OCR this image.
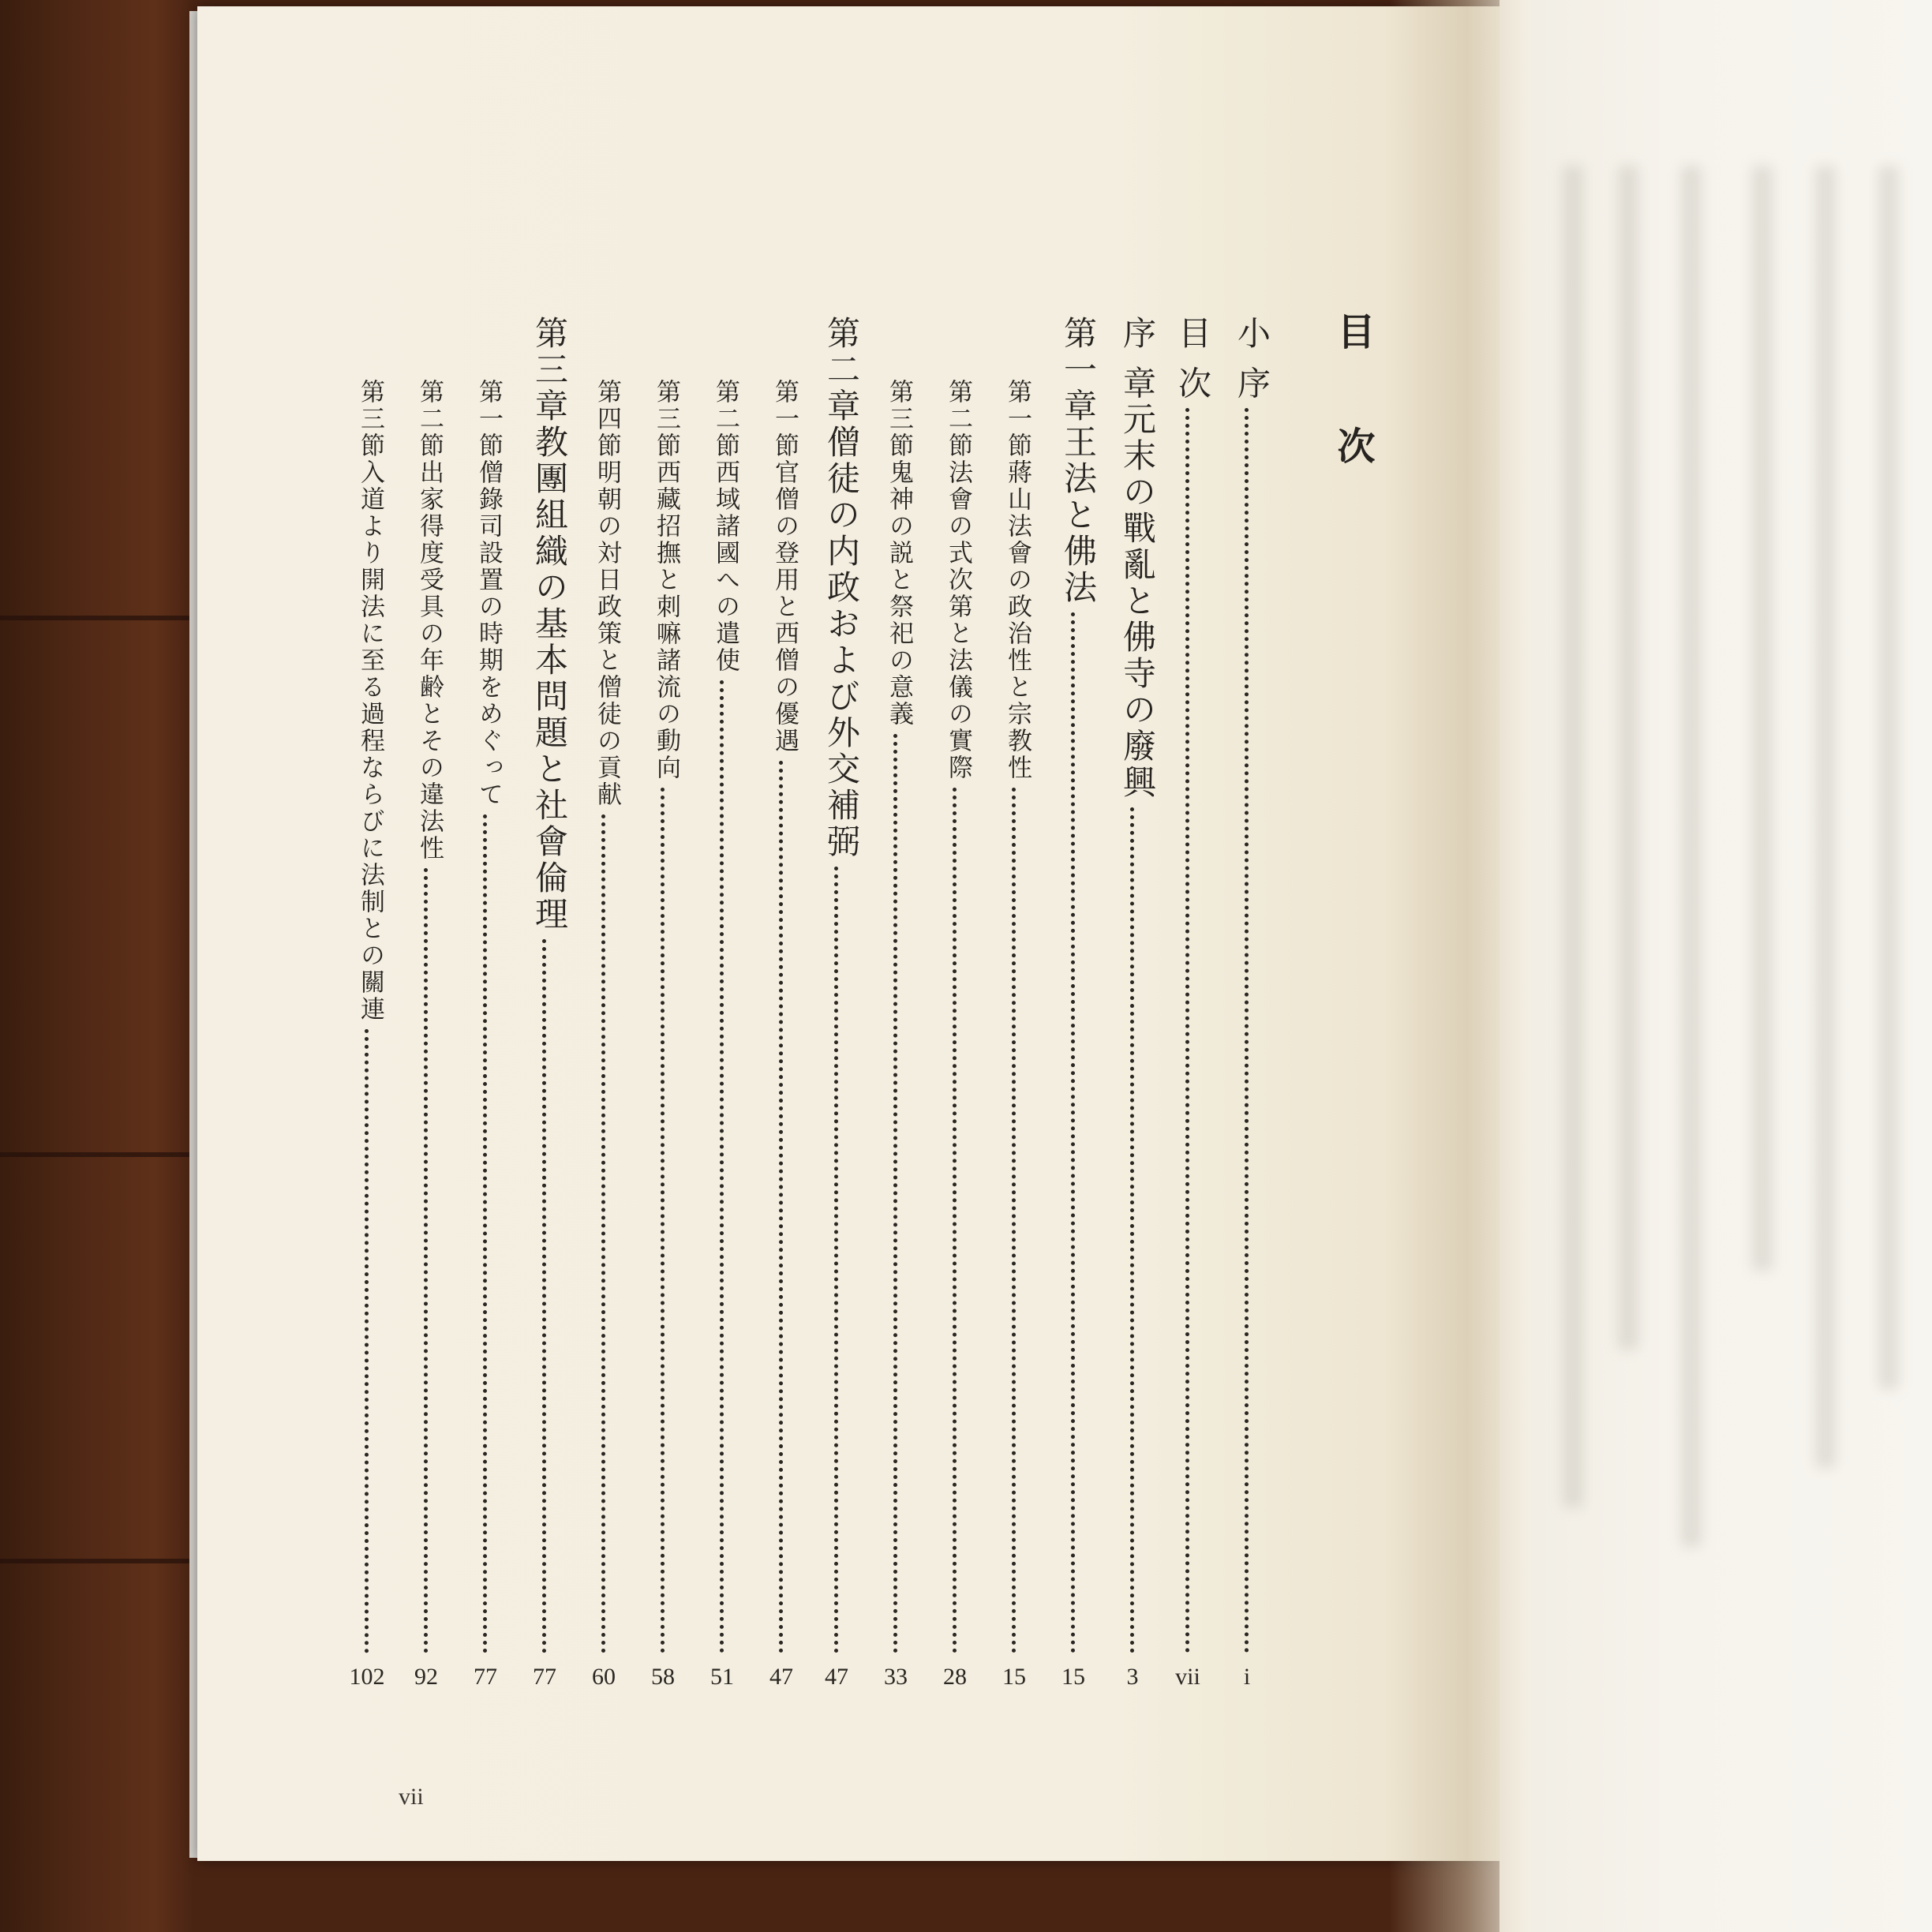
目 次
小 序
i
目 次
vii
序 章元末の戰亂と佛寺の廢興
3
第一章王法と佛法
15
第一節蔣山法會の政治性と宗教性
15
第二節法會の式次第と法儀の實際
28
第三節鬼神の説と祭祀の意義
33
第二章僧徒の内政および外交補弼
47
第一節官僧の登用と西僧の優遇
47
第二節西域諸國への遣使
51
第三節西藏招撫と刺嘛諸流の動向
58
第四節明朝の対日政策と僧徒の貢献
60
第三章教團組織の基本問題と社會倫理
77
第一節僧錄司設置の時期をめぐって
77
第二節出家得度受具の年齢とその違法性
92
第三節入道より開法に至る過程ならびに法制との關連
102
vii
